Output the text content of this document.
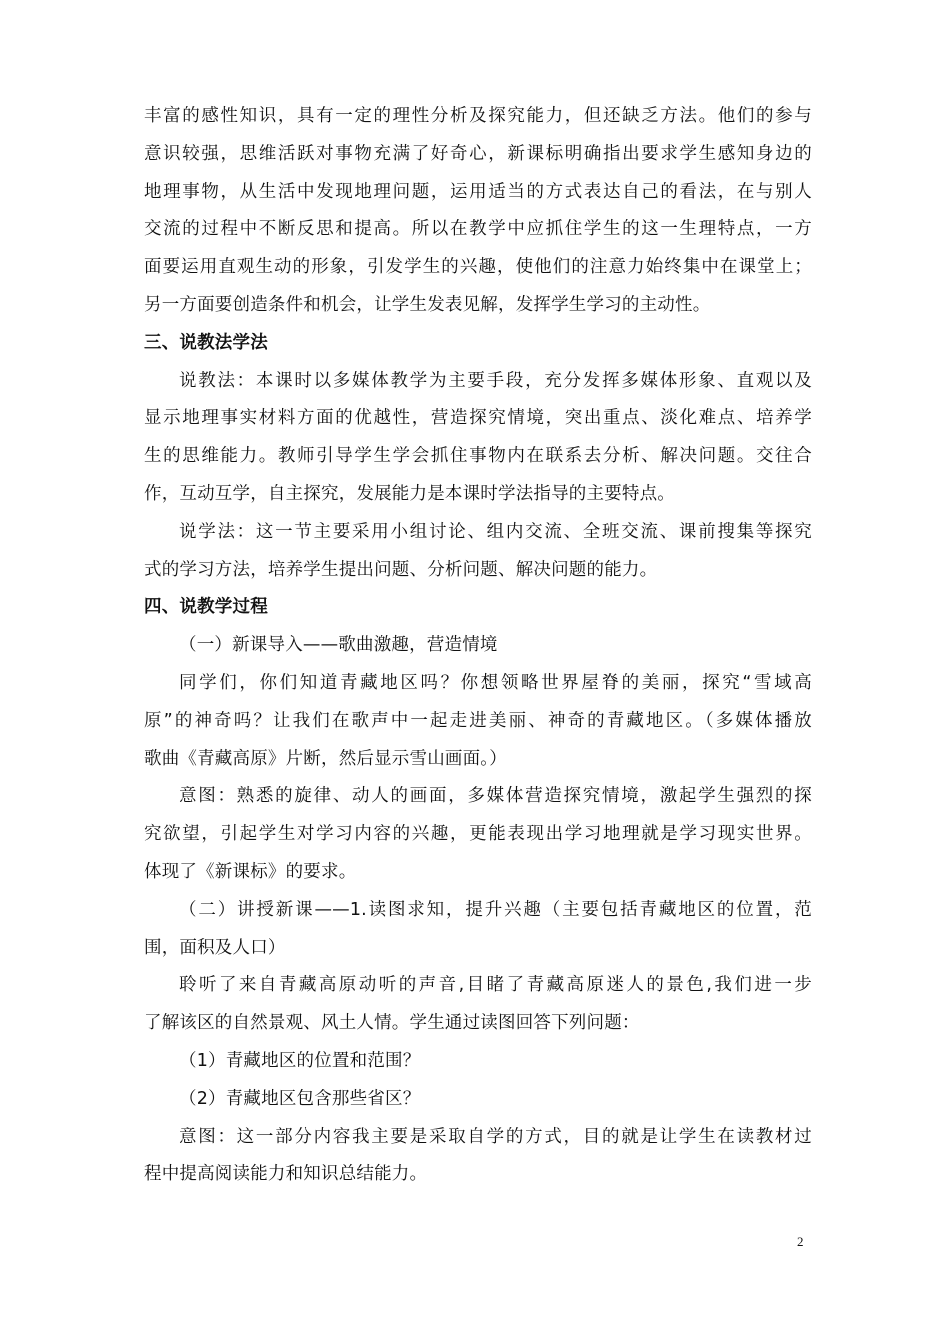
丰富的感性知识，具有一定的理性分析及探究能力，但还缺乏方法。他们的参与
意识较强，思维活跃对事物充满了好奇心，新课标明确指出要求学生感知身边的
地理事物，从生活中发现地理问题，运用适当的方式表达自己的看法，在与别人
交流的过程中不断反思和提高。所以在教学中应抓住学生的这一生理特点，一方
面要运用直观生动的形象，引发学生的兴趣，使他们的注意力始终集中在课堂上；
另一方面要创造条件和机会，让学生发表见解，发挥学生学习的主动性。
三、说教法学法
说教法：本课时以多媒体教学为主要手段，充分发挥多媒体形象、直观以及
显示地理事实材料方面的优越性，营造探究情境，突出重点、淡化难点、培养学
生的思维能力。教师引导学生学会抓住事物内在联系去分析、解决问题。交往合
作，互动互学，自主探究，发展能力是本课时学法指导的主要特点。
说学法：这一节主要采用小组讨论、组内交流、全班交流、课前搜集等探究
式的学习方法，培养学生提出问题、分析问题、解决问题的能力。
四、说教学过程
（一）新课导入——歌曲激趣，营造情境
同学们，你们知道青藏地区吗？你想领略世界屋脊的美丽，探究“雪域高
原”的神奇吗？让我们在歌声中一起走进美丽、神奇的青藏地区。（多媒体播放
歌曲《青藏高原》片断，然后显示雪山画面。）
意图：熟悉的旋律、动人的画面，多媒体营造探究情境，激起学生强烈的探
究欲望，引起学生对学习内容的兴趣，更能表现出学习地理就是学习现实世界。
体现了《新课标》的要求。
（二）讲授新课——1.读图求知，提升兴趣（主要包括青藏地区的位置，范
围，面积及人口）
聆听了来自青藏高原动听的声音,目睹了青藏高原迷人的景色,我们进一步
了解该区的自然景观、风土人情。学生通过读图回答下列问题：
（1）青藏地区的位置和范围？
（2）青藏地区包含那些省区？
意图：这一部分内容我主要是采取自学的方式，目的就是让学生在读教材过
程中提高阅读能力和知识总结能力。
2
